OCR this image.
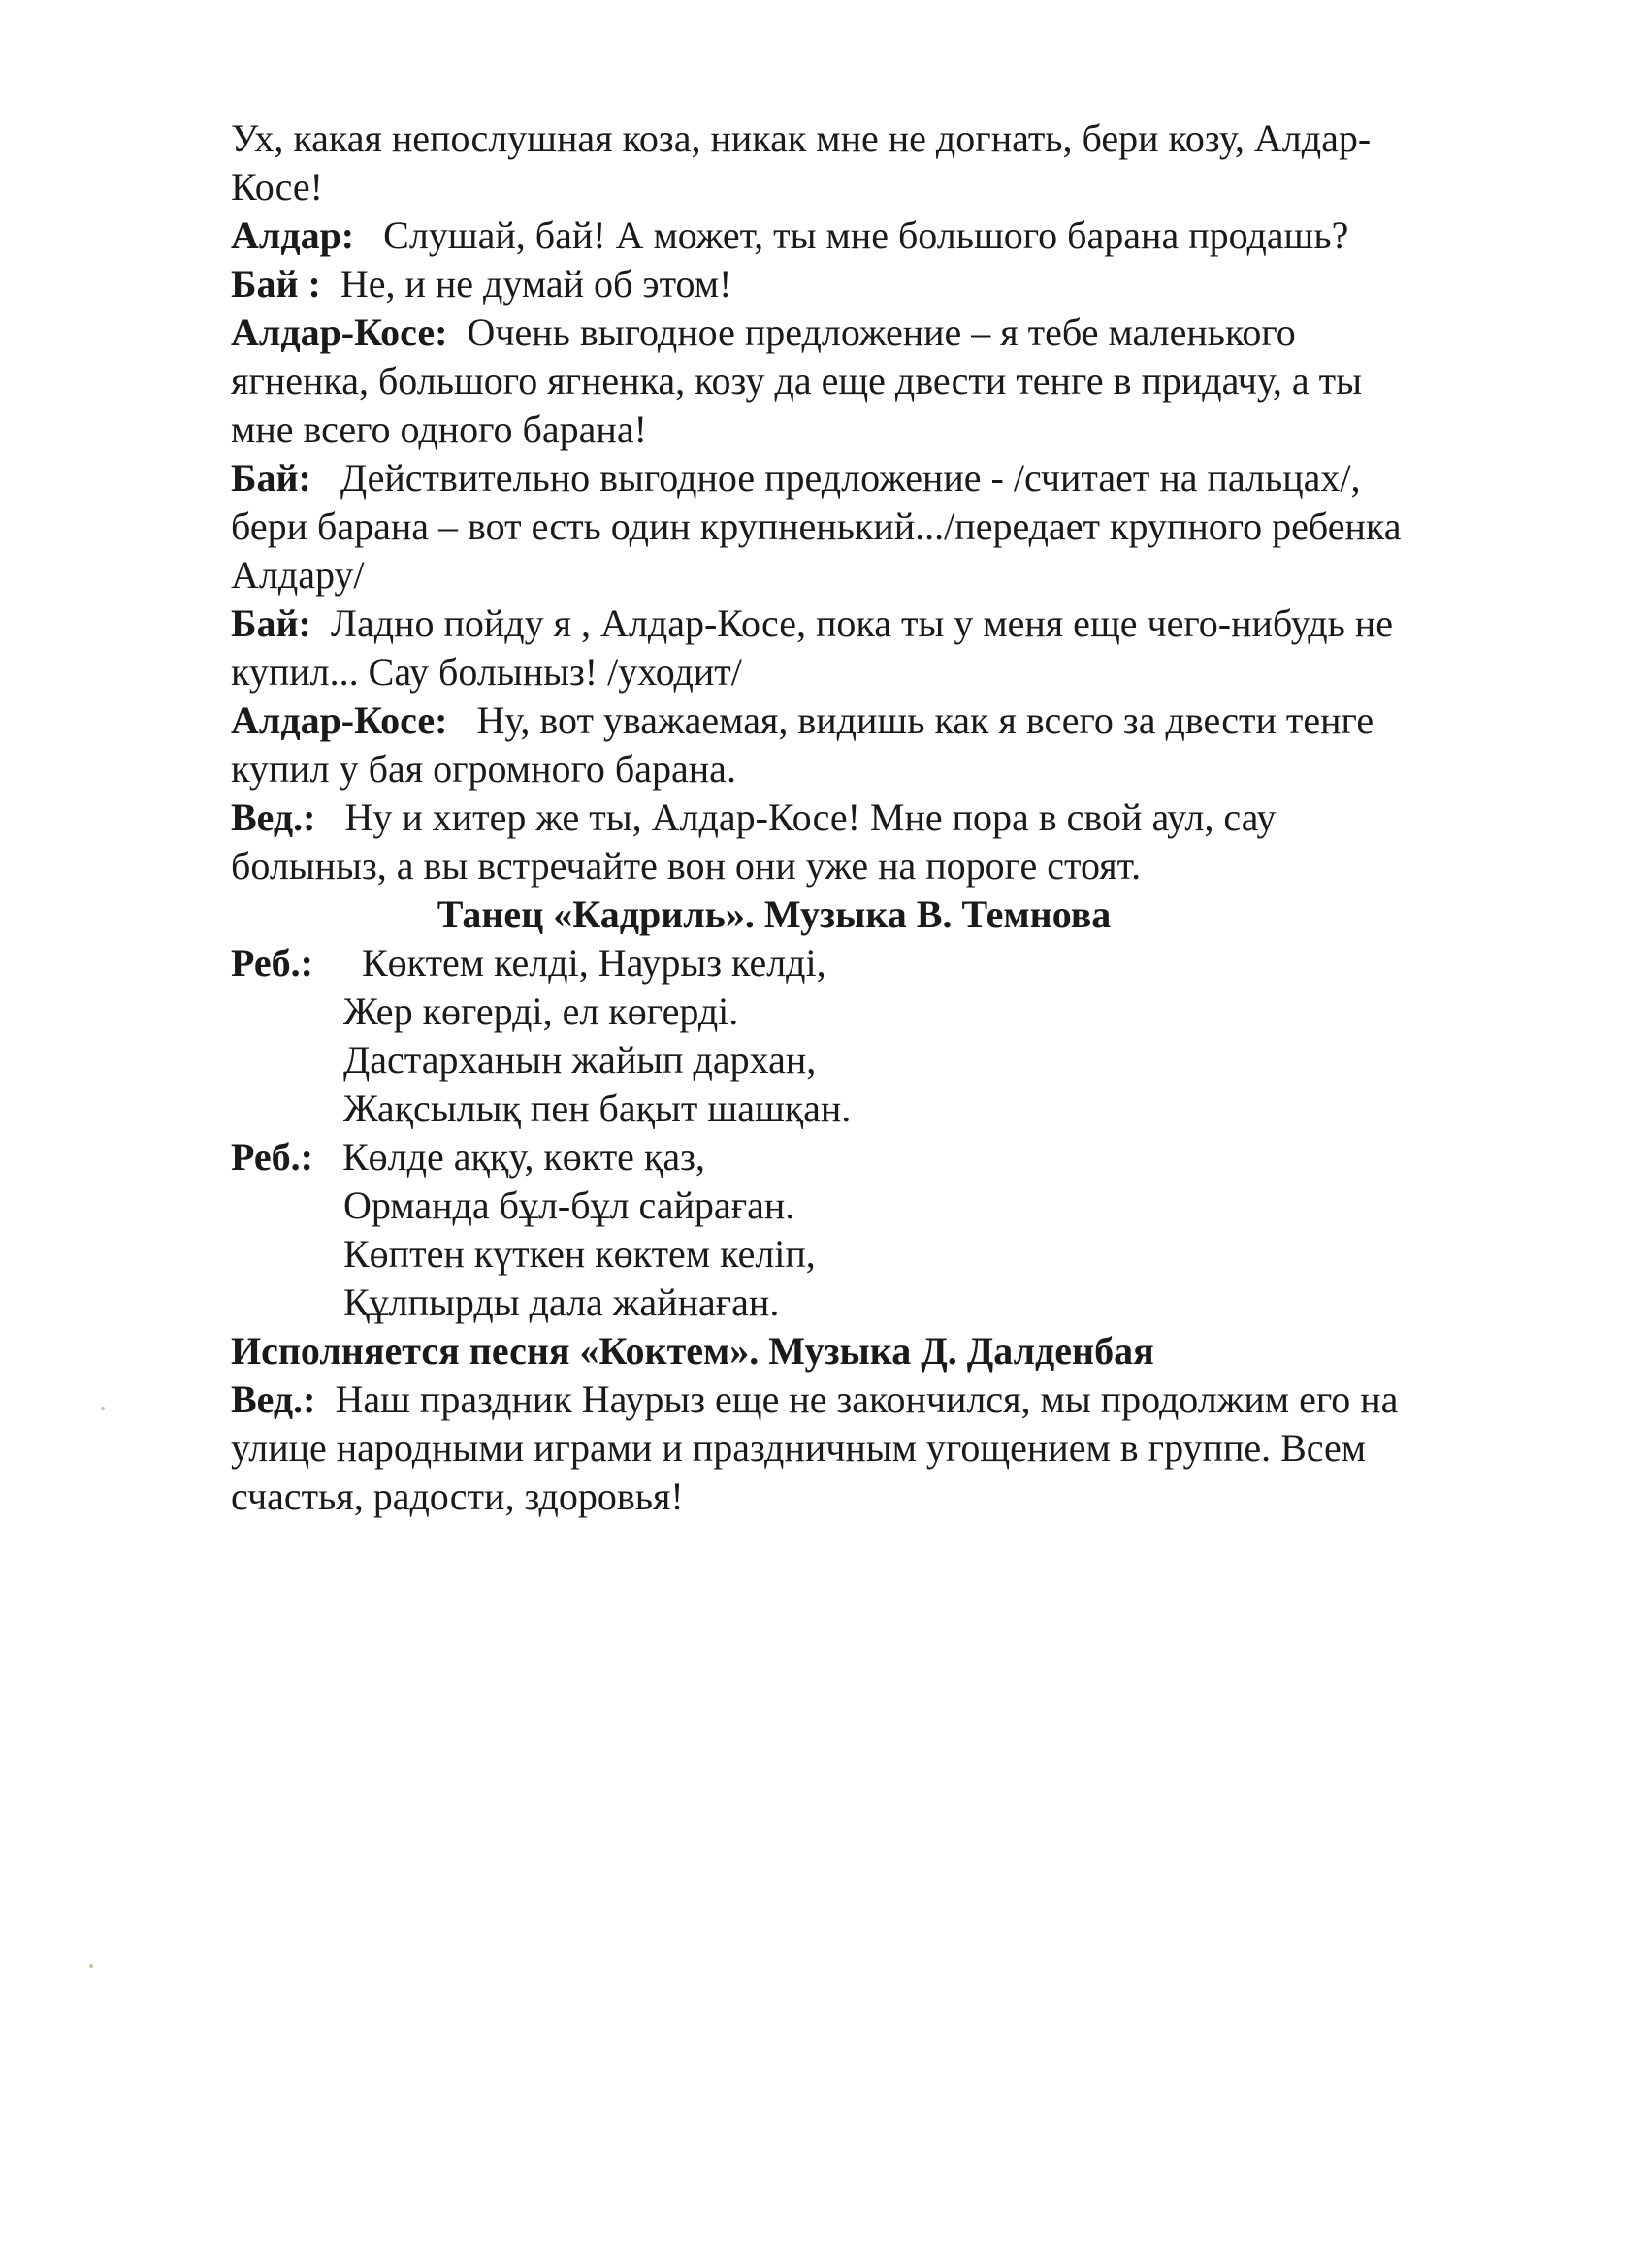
Ух, какая непослушная коза, никак мне не догнать, бери козу, Алдар-
Косе!
Алдар: Слушай, бай! А может, ты мне большого барана продашь?
Бай : Не, и не думай об этом!
Алдар-Косе: Очень выгодное предложение – я тебе маленького
ягненка, большого ягненка, козу да еще двести тенге в придачу, а ты
мне всего одного барана!
Бай: Действительно выгодное предложение - /считает на пальцах/,
бери барана – вот есть один крупненький.../передает крупного ребенка
Алдару/
Бай: Ладно пойду я , Алдар-Косе, пока ты у меня еще чего-нибудь не
купил... Сау болыныз! /уходит/
Алдар-Косе: Ну, вот уважаемая, видишь как я всего за двести тенге
купил у бая огромного барана.
Вед.: Ну и хитер же ты, Алдар-Косе! Мне пора в свой аул, сау
болыныз, а вы встречайте вон они уже на пороге стоят.
Танец «Кадриль». Музыка В. Темнова
Реб.: Көктем келді, Наурыз келді,
Жер көгерді, ел көгерді.
Дастарханын жайып дархан,
Жақсылық пен бақыт шашқан.
Реб.: Көлде аққу, көкте қаз,
Орманда бұл-бұл сайраған.
Көптен күткен көктем келіп,
Құлпырды дала жайнаған.
Исполняется песня «Коктем». Музыка Д. Далденбая
Вед.: Наш праздник Наурыз еще не закончился, мы продолжим его на
улице народными играми и праздничным угощением в группе. Всем
счастья, радости, здоровья!
